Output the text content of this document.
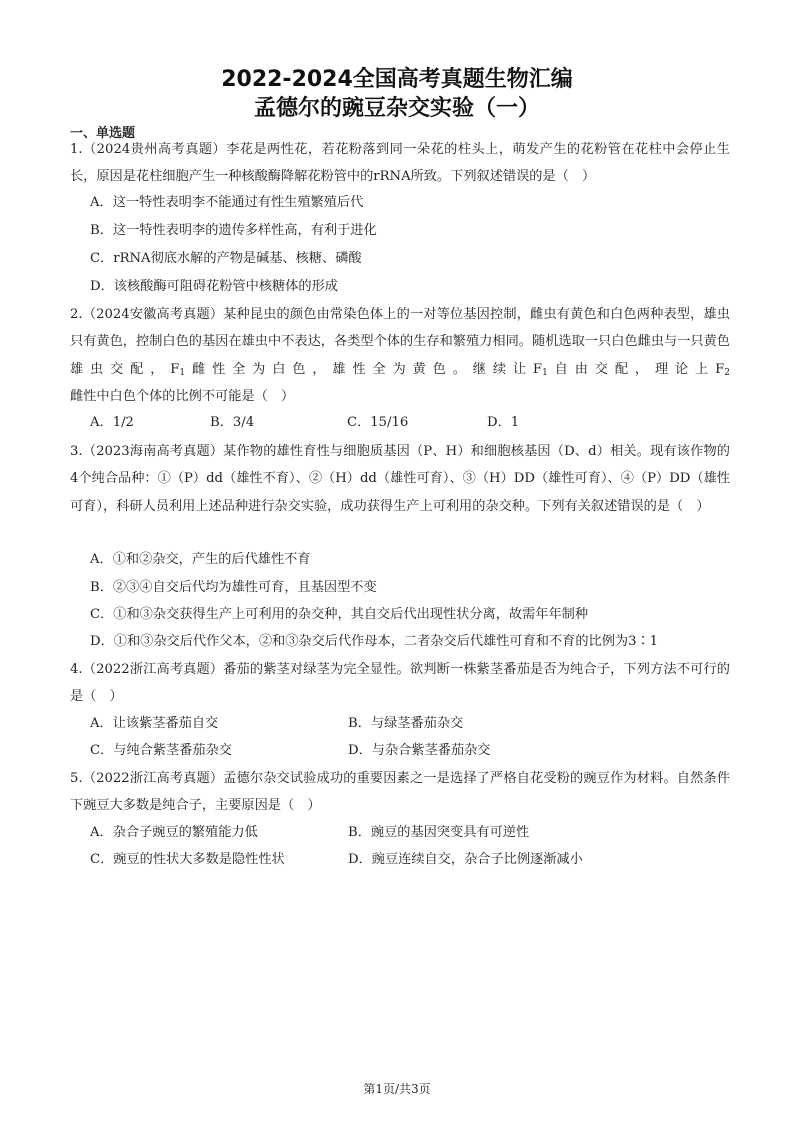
2022-2024全国高考真题生物汇编
孟德尔的豌豆杂交实验（一）
一、单选题

1.（2024贵州高考真题）李花是两性花，若花粉落到同一朵花的柱头上，萌发产生的花粉管在花柱中会停止生长，原因是花柱细胞产生一种核酸酶降解花粉管中的rRNA所致。下列叙述错误的是（　）

A．这一特性表明李不能通过有性生殖繁殖后代
B．这一特性表明李的遗传多样性高，有利于进化
C．rRNA彻底水解的产物是碱基、核糖、磷酸
D．该核酸酶可阻碍花粉管中核糖体的形成

2.（2024安徽高考真题）某种昆虫的颜色由常染色体上的一对等位基因控制，雌虫有黄色和白色两种表型，雄虫只有黄色，控制白色的基因在雄虫中不表达，各类型个体的生存和繁殖力相同。随机选取一只白色雌虫与一只黄色雄虫交配，$F_1$雌性全为白色，雄性全为黄色。继续让$F_1$自由交配，理论上$F_2$雌性中白色个体的比例不可能是（　）

A．1/2	B．3/4	C．15/16	D．1

3.（2023海南高考真题）某作物的雄性育性与细胞质基因（P、H）和细胞核基因（D、d）相关。现有该作物的4个纯合品种：①（P）dd（雄性不育）、②（H）dd（雄性可育）、③（H）DD（雄性可育）、④（P）DD（雄性可育），科研人员利用上述品种进行杂交实验，成功获得生产上可利用的杂交种。下列有关叙述错误的是（　）

A．①和②杂交，产生的后代雄性不育
B．②③④自交后代均为雄性可育，且基因型不变
C．①和③杂交获得生产上可利用的杂交种，其自交后代出现性状分离，故需年年制种
D．①和③杂交后代作父本，②和③杂交后代作母本，二者杂交后代雄性可育和不育的比例为3∶1

4.（2022浙江高考真题）番茄的紫茎对绿茎为完全显性。欲判断一株紫茎番茄是否为纯合子，下列方法不可行的是（　）

A．让该紫茎番茄自交	B．与绿茎番茄杂交
C．与纯合紫茎番茄杂交	D．与杂合紫茎番茄杂交

5.（2022浙江高考真题）孟德尔杂交试验成功的重要因素之一是选择了严格自花受粉的豌豆作为材料。自然条件下豌豆大多数是纯合子，主要原因是（　）

A．杂合子豌豆的繁殖能力低	B．豌豆的基因突变具有可逆性
C．豌豆的性状大多数是隐性性状	D．豌豆连续自交，杂合子比例逐渐减小
第1页/共3页
